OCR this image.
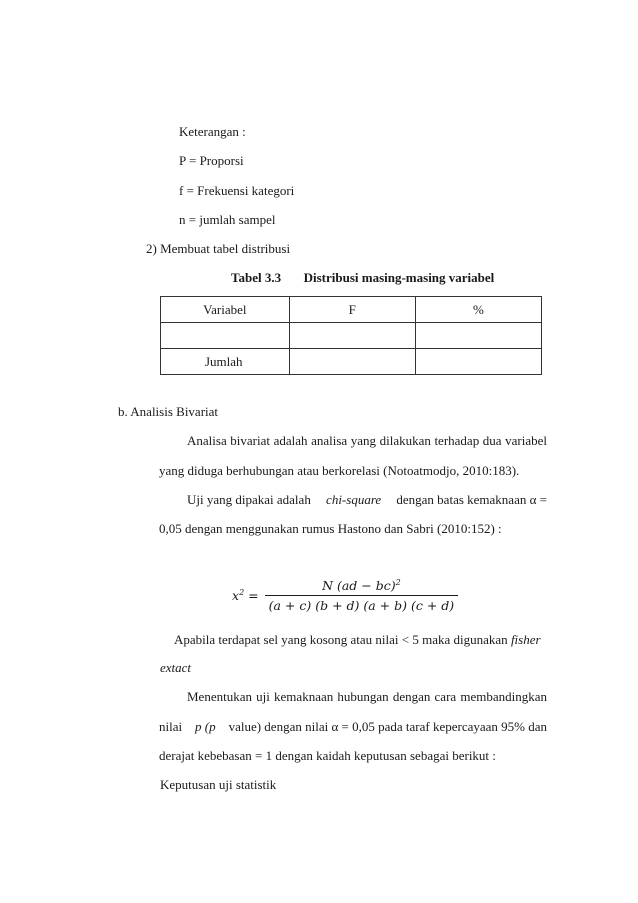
Keterangan :
P = Proporsi
f = Frekuensi kategori
n = jumlah sampel
2) Membuat tabel distribusi
Tabel 3.3 Distribusi masing-masing variabel
Variabel	F	%

Jumlah		
b. Analisis Bivariat
Analisa bivariat adalah analisa yang dilakukan terhadap dua variabel
yang diduga berhubungan atau berkorelasi (Notoatmodjo, 2010:183).
Uji yang dipakai adalah chi-square dengan batas kemaknaan α =
0,05 dengan menggunakan rumus Hastono dan Sabri (2010:152) :
$x^2 = \frac{N (ad - bc)^2}{(a + c) (b + d) (a + b) (c + d)}$
Apabila terdapat sel yang kosong atau nilai < 5 maka digunakan fisher
extact
Menentukan uji kemaknaan hubungan dengan cara membandingkan
nilai p (p value) dengan nilai α = 0,05 pada taraf kepercayaan 95% dan
derajat kebebasan = 1 dengan kaidah keputusan sebagai berikut :
Keputusan uji statistik
